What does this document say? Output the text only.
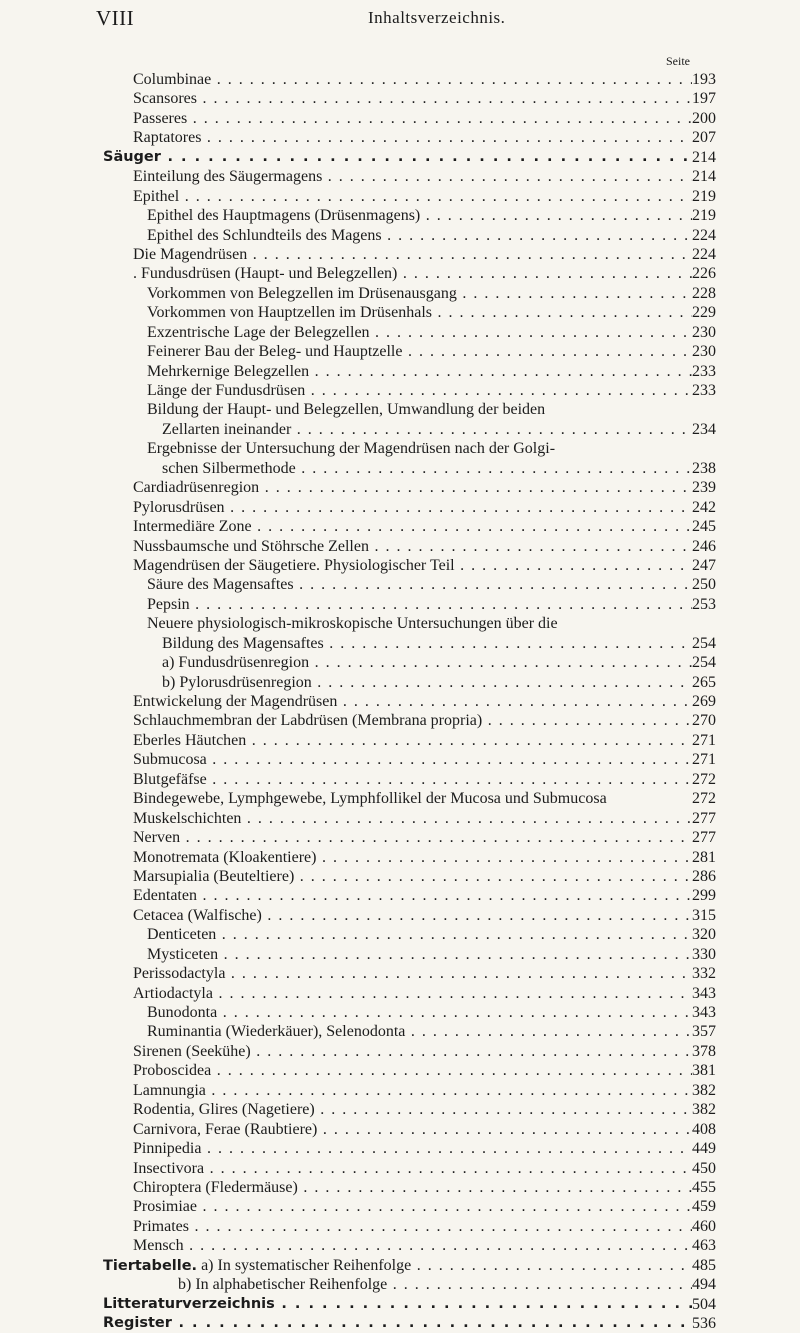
VIII	Inhaltsverzeichnis.
Seite
Columbinae . . .	193
Scansores . . .	197
Passeres . . .	200
Raptatores . . .	207
Säuger . . .	214
Einteilung des Säugermagens . . .	214
Epithel . . .	219
Epithel des Hauptmagens (Drüsenmagens) . . .	219
Epithel des Schlundteils des Magens . . .	224
Die Magendrüsen . . .	224
. Fundusdrüsen (Haupt- und Belegzellen) . . .	226
Vorkommen von Belegzellen im Drüsenausgang . . .	228
Vorkommen von Hauptzellen im Drüsenhals . . .	229
Exzentrische Lage der Belegzellen . . .	230
Feinerer Bau der Beleg- und Hauptzelle . . .	230
Mehrkernige Belegzellen . . .	233
Länge der Fundusdrüsen . . .	233
Bildung der Haupt- und Belegzellen, Umwandlung der beiden
Zellarten ineinander . . .	234
Ergebnisse der Untersuchung der Magendrüsen nach der Golgi-
schen Silbermethode . . .	238
Cardiadrüsenregion . . .	239
Pylorusdrüsen . . .	242
Intermediäre Zone . . .	245
Nussbaumsche und Stöhrsche Zellen . . .	246
Magendrüsen der Säugetiere. Physiologischer Teil . . .	247
Säure des Magensaftes . . .	250
Pepsin . . .	253
Neuere physiologisch-mikroskopische Untersuchungen über die
Bildung des Magensaftes . . .	254
a) Fundusdrüsenregion . . .	254
b) Pylorusdrüsenregion . . .	265
Entwickelung der Magendrüsen . . .	269
Schlauchmembran der Labdrüsen (Membrana propria) . . .	270
Eberles Häutchen . . .	271
Submucosa . . .	271
Blutgefäfse . . .	272
Bindegewebe, Lymphgewebe, Lymphfollikel der Mucosa und Submucosa	272
Muskelschichten . . .	277
Nerven . . .	277
Monotremata (Kloakentiere) . . .	281
Marsupialia (Beuteltiere) . . .	286
Edentaten . . .	299
Cetacea (Walfische) . . .	315
Denticeten . . .	320
Mysticeten . . .	330
Perissodactyla . . .	332
Artiodactyla . . .	343
Bunodonta . . .	343
Ruminantia (Wiederkäuer), Selenodonta . . .	357
Sirenen (Seekühe) . . .	378
Proboscidea . . .	381
Lamnungia . . .	382
Rodentia, Glires (Nagetiere) . . .	382
Carnivora, Ferae (Raubtiere) . . .	408
Pinnipedia . . .	449
Insectivora . . .	450
Chiroptera (Fledermäuse) . . .	455
Prosimiae . . .	459
Primates . . .	460
Mensch . . .	463
Tiertabelle. a) In systematischer Reihenfolge . . .	485
b) In alphabetischer Reihenfolge . . .	494
Litteraturverzeichnis . . .	504
Register . . .	536
